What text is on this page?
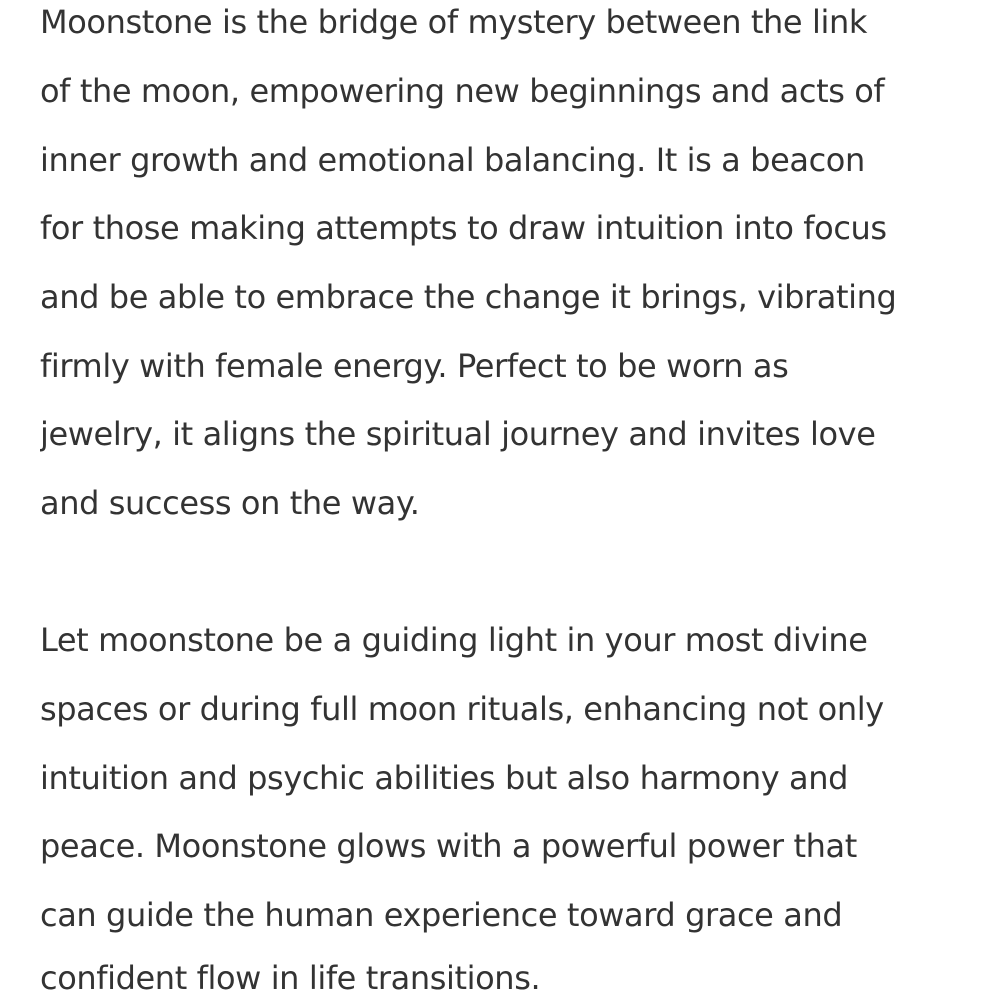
Moonstone is the bridge of mystery between the link
of the moon, empowering new beginnings and acts of
inner growth and emotional balancing. It is a beacon
for those making attempts to draw intuition into focus
and be able to embrace the change it brings, vibrating
firmly with female energy. Perfect to be worn as
jewelry, it aligns the spiritual journey and invites love
and success on the way.
Let moonstone be a guiding light in your most divine
spaces or during full moon rituals, enhancing not only
intuition and psychic abilities but also harmony and
peace. Moonstone glows with a powerful power that
can guide the human experience toward grace and
confident flow in life transitions.
